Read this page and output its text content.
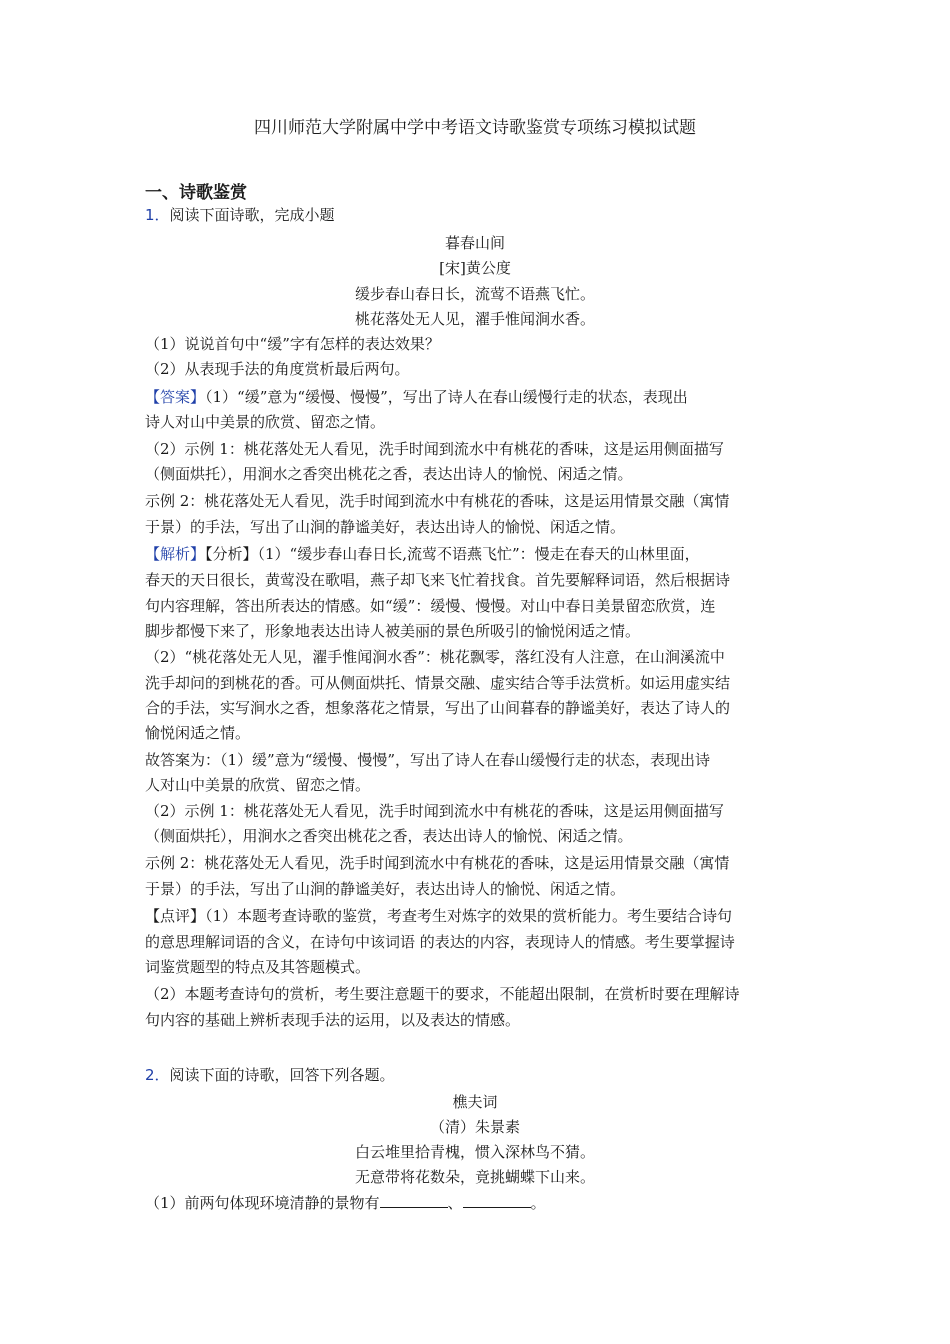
四川师范大学附属中学中考语文诗歌鉴赏专项练习模拟试题
一、诗歌鉴赏
1．阅读下面诗歌，完成小题
暮春山间
[宋]黄公度
缓步春山春日长，流莺不语燕飞忙。
桃花落处无人见，濯手惟闻涧水香。
（1）说说首句中“缓”字有怎样的表达效果？
（2）从表现手法的角度赏析最后两句。
【答案】（1）“缓”意为“缓慢、慢慢”，写出了诗人在春山缓慢行走的状态，表现出
诗人对山中美景的欣赏、留恋之情。
（2）示例 1：桃花落处无人看见，洗手时闻到流水中有桃花的香味，这是运用侧面描写
（侧面烘托），用涧水之香突出桃花之香，表达出诗人的愉悦、闲适之情。
示例 2：桃花落处无人看见，洗手时闻到流水中有桃花的香味，这是运用情景交融（寓情
于景）的手法，写出了山涧的静谧美好，表达出诗人的愉悦、闲适之情。
【解析】【分析】（1）“缓步春山春日长,流莺不语燕飞忙”：慢走在春天的山林里面，
春天的天日很长，黄莺没在歌唱，燕子却飞来飞忙着找食。首先要解释词语，然后根据诗
句内容理解，答出所表达的情感。如“缓”：缓慢、慢慢。对山中春日美景留恋欣赏，连
脚步都慢下来了，形象地表达出诗人被美丽的景色所吸引的愉悦闲适之情。
（2）“桃花落处无人见，濯手惟闻涧水香”：桃花飘零，落红没有人注意，在山涧溪流中
洗手却问的到桃花的香。可从侧面烘托、情景交融、虚实结合等手法赏析。如运用虚实结
合的手法，实写涧水之香，想象落花之情景，写出了山间暮春的静谧美好，表达了诗人的
愉悦闲适之情。
故答案为：（1）缓”意为“缓慢、慢慢”，写出了诗人在春山缓慢行走的状态，表现出诗
人对山中美景的欣赏、留恋之情。
（2）示例 1：桃花落处无人看见，洗手时闻到流水中有桃花的香味，这是运用侧面描写
（侧面烘托），用涧水之香突出桃花之香，表达出诗人的愉悦、闲适之情。
示例 2：桃花落处无人看见，洗手时闻到流水中有桃花的香味，这是运用情景交融（寓情
于景）的手法，写出了山涧的静谧美好，表达出诗人的愉悦、闲适之情。
【点评】（1）本题考查诗歌的鉴赏，考查考生对炼字的效果的赏析能力。考生要结合诗句
的意思理解词语的含义，在诗句中该词语 的表达的内容，表现诗人的情感。考生要掌握诗
词鉴赏题型的特点及其答题模式。
（2）本题考查诗句的赏析，考生要注意题干的要求，不能超出限制，在赏析时要在理解诗
句内容的基础上辨析表现手法的运用，以及表达的情感。
2．阅读下面的诗歌，回答下列各题。
樵夫词
（清）朱景素
白云堆里拾青槐，惯入深林鸟不猜。
无意带将花数朵，竟挑蝴蝶下山来。
（1）前两句体现环境清静的景物有	、	。
